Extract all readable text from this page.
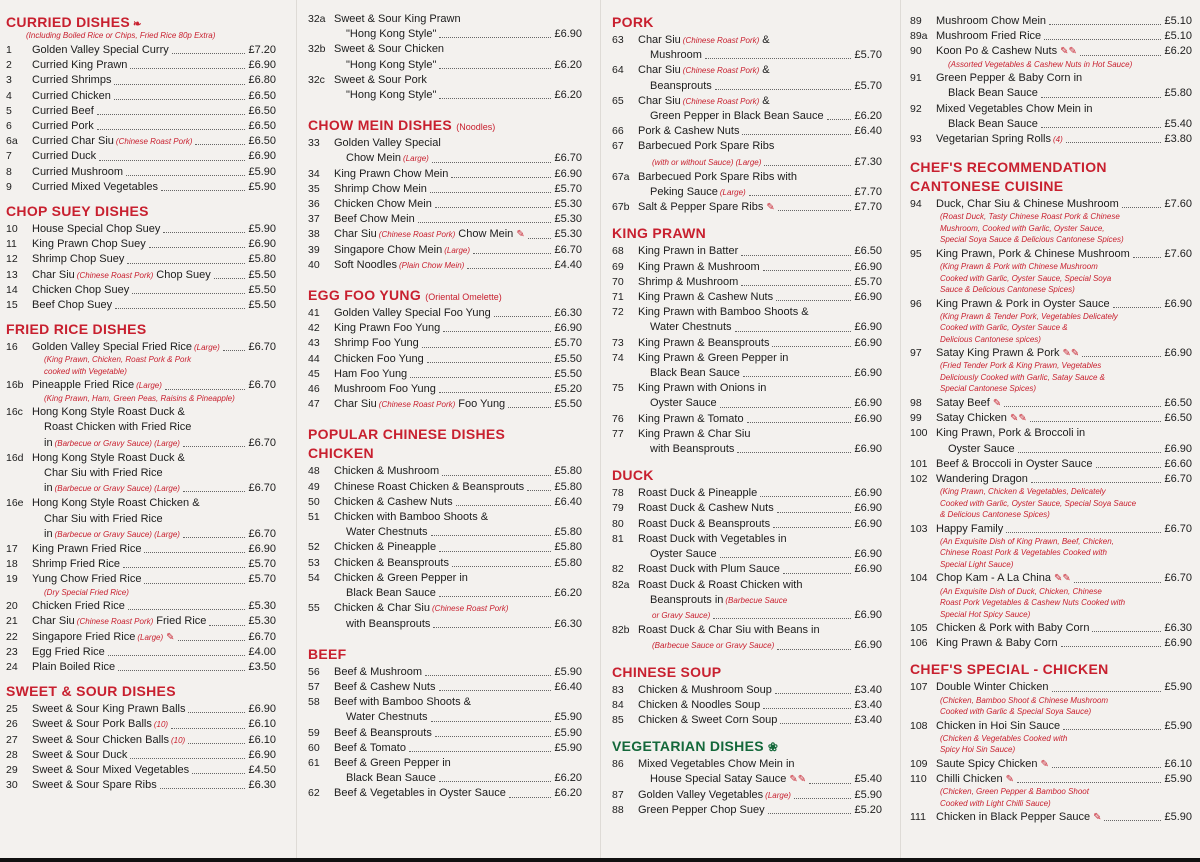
CURRIED DISHES ❧
(Including Boiled Rice or Chips, Fried Rice 80p Extra)
1	Golden Valley Special Curry	£7.20
2	Curried King Prawn	£6.90
3	Curried Shrimps	£6.80
4	Curried Chicken	£6.50
5	Curried Beef	£6.50
6	Curried Pork	£6.50
6a	Curried Char Siu (Chinese Roast Pork)	£6.50
7	Curried Duck	£6.90
8	Curried Mushroom	£5.90
9	Curried Mixed Vegetables	£5.90
CHOP SUEY DISHES
10	House Special Chop Suey	£5.90
11	King Prawn Chop Suey	£6.90
12	Shrimp Chop Suey	£5.80
13	Char Siu (Chinese Roast Pork) Chop Suey	£5.50
14	Chicken Chop Suey	£5.50
15	Beef Chop Suey	£5.50
FRIED RICE DISHES
16	Golden Valley Special Fried Rice (Large)	£6.70
(King Prawn, Chicken, Roast Pork & Pork
cooked with Vegetable)
16b Pineapple Fried Rice (Large)	£6.70
(King Prawn, Ham, Green Peas, Raisins & Pineapple)
16c Hong Kong Style Roast Duck &
Roast Chicken with Fried Rice
in (Barbecue or Gravy Sauce) (Large)	£6.70
16d Hong Kong Style Roast Duck &
Char Siu with Fried Rice
in (Barbecue or Gravy Sauce) (Large)	£6.70
16e Hong Kong Style Roast Chicken &
Char Siu with Fried Rice
in (Barbecue or Gravy Sauce) (Large)	£6.70
17	King Prawn Fried Rice	£6.90
18	Shrimp Fried Rice	£5.70
19	Yung Chow Fried Rice	£5.70
(Dry Special Fried Rice)
20	Chicken Fried Rice	£5.30
21	Char Siu (Chinese Roast Pork) Fried Rice	£5.30
22	Singapore Fried Rice (Large) ✎	£6.70
23	Egg Fried Rice	£4.00
24	Plain Boiled Rice	£3.50
SWEET & SOUR DISHES
25	Sweet & Sour King Prawn Balls	£6.90
26	Sweet & Sour Pork Balls (10)	£6.10
27	Sweet & Sour Chicken Balls (10)	£6.10
28	Sweet & Sour Duck	£6.90
29	Sweet & Sour Mixed Vegetables	£4.50
30	Sweet & Sour Spare Ribs	£6.30
32a Sweet & Sour King Prawn
"Hong Kong Style"	£6.90
32b Sweet & Sour Chicken
"Hong Kong Style"	£6.20
32c Sweet & Sour Pork
"Hong Kong Style"	£6.20
CHOW MEIN DISHES (Noodles)
33	Golden Valley Special
Chow Mein (Large)	£6.70
34	King Prawn Chow Mein	£6.90
35	Shrimp Chow Mein	£5.70
36	Chicken Chow Mein	£5.30
37	Beef Chow Mein	£5.30
38	Char Siu (Chinese Roast Pork) Chow Mein ✎	£5.30
39	Singapore Chow Mein (Large)	£6.70
40	Soft Noodles (Plain Chow Mein)	£4.40
EGG FOO YUNG (Oriental Omelette)
41	Golden Valley Special Foo Yung	£6.30
42	King Prawn Foo Yung	£6.90
43	Shrimp Foo Yung	£5.70
44	Chicken Foo Yung	£5.50
45	Ham Foo Yung	£5.50
46	Mushroom Foo Yung	£5.20
47	Char Siu (Chinese Roast Pork) Foo Yung	£5.50
POPULAR CHINESE DISHES
CHICKEN
48	Chicken & Mushroom	£5.80
49	Chinese Roast Chicken & Beansprouts	£5.80
50	Chicken & Cashew Nuts	£6.40
51	Chicken with Bamboo Shoots &
Water Chestnuts	£5.80
52	Chicken & Pineapple	£5.80
53	Chicken & Beansprouts	£5.80
54	Chicken & Green Pepper in
Black Bean Sauce	£6.20
55	Chicken & Char Siu (Chinese Roast Pork)
with Beansprouts	£6.30
BEEF
56	Beef & Mushroom	£5.90
57	Beef & Cashew Nuts	£6.40
58	Beef with Bamboo Shoots &
Water Chestnuts	£5.90
59	Beef & Beansprouts	£5.90
60	Beef & Tomato	£5.90
61	Beef & Green Pepper in
Black Bean Sauce	£6.20
62	Beef & Vegetables in Oyster Sauce	£6.20
PORK
63	Char Siu (Chinese Roast Pork) &
Mushroom	£5.70
64	Char Siu (Chinese Roast Pork) &
Beansprouts	£5.70
65	Char Siu (Chinese Roast Pork) &
Green Pepper in Black Bean Sauce	£6.20
66	Pork & Cashew Nuts	£6.40
67	Barbecued Pork Spare Ribs
(with or without Sauce) (Large)	£7.30
67a Barbecued Pork Spare Ribs with
Peking Sauce (Large)	£7.70
67b Salt & Pepper Spare Ribs ✎	£7.70
KING PRAWN
68	King Prawn in Batter	£6.50
69	King Prawn & Mushroom	£6.90
70	Shrimp & Mushroom	£5.70
71	King Prawn & Cashew Nuts	£6.90
72	King Prawn with Bamboo Shoots &
Water Chestnuts	£6.90
73	King Prawn & Beansprouts	£6.90
74	King Prawn & Green Pepper in
Black Bean Sauce	£6.90
75	King Prawn with Onions in
Oyster Sauce	£6.90
76	King Prawn & Tomato	£6.90
77	King Prawn & Char Siu
with Beansprouts	£6.90
DUCK
78	Roast Duck & Pineapple	£6.90
79	Roast Duck & Cashew Nuts	£6.90
80	Roast Duck & Beansprouts	£6.90
81	Roast Duck with Vegetables in
Oyster Sauce	£6.90
82	Roast Duck with Plum Sauce	£6.90
82a Roast Duck & Roast Chicken with
Beansprouts in (Barbecue Sauce
or Gravy Sauce)	£6.90
82b Roast Duck & Char Siu with Beans in
(Barbecue Sauce or Gravy Sauce)	£6.90
CHINESE SOUP
83	Chicken & Mushroom Soup	£3.40
84	Chicken & Noodles Soup	£3.40
85	Chicken & Sweet Corn Soup	£3.40
VEGETARIAN DISHES ❀
86	Mixed Vegetables Chow Mein in
House Special Satay Sauce ✎✎	£5.40
87	Golden Valley Vegetables (Large)	£5.90
88	Green Pepper Chop Suey	£5.20
89	Mushroom Chow Mein	£5.10
89a Mushroom Fried Rice	£5.10
90	Koon Po & Cashew Nuts ✎✎	£6.20
(Assorted Vegetables & Cashew Nuts in Hot Sauce)
91	Green Pepper & Baby Corn in
Black Bean Sauce	£5.80
92	Mixed Vegetables Chow Mein in
Black Bean Sauce	£5.40
93	Vegetarian Spring Rolls (4)	£3.80
CHEF'S RECOMMENDATION
CANTONESE CUISINE
94	Duck, Char Siu & Chinese Mushroom	£7.60
(Roast Duck, Tasty Chinese Roast Pork & Chinese
Mushroom, Cooked with Garlic, Oyster Sauce,
Special Soya Sauce & Delicious Cantonese Spices)
95	King Prawn, Pork & Chinese Mushroom	£7.60
(King Prawn & Pork with Chinese Mushroom
Cooked with Garlic, Oyster Sauce, Special Soya
Sauce & Delicious Cantonese Spices)
96	King Prawn & Pork in Oyster Sauce	£6.90
(King Prawn & Tender Pork, Vegetables Delicately
Cooked with Garlic, Oyster Sauce &
Delicious Cantonese spices)
97	Satay King Prawn & Pork ✎✎	£6.90
(Fried Tender Pork & King Prawn, Vegetables
Deliciously Cooked with Garlic, Satay Sauce &
Special Cantonese Spices)
98	Satay Beef ✎	£6.50
99	Satay Chicken ✎✎	£6.50
100 King Prawn, Pork & Broccoli in
Oyster Sauce	£6.90
101 Beef & Broccoli in Oyster Sauce	£6.60
102 Wandering Dragon	£6.70
(King Prawn, Chicken & Vegetables, Delicately
Cooked with Garlic, Oyster Sauce, Special Soya Sauce
& Delicious Cantonese Spices)
103 Happy Family	£6.70
(An Exquisite Dish of King Prawn, Beef, Chicken,
Chinese Roast Pork & Vegetables Cooked with
Special Light Sauce)
104 Chop Kam - A La China ✎✎	£6.70
(An Exquisite Dish of Duck, Chicken, Chinese
Roast Pork Vegetables & Cashew Nuts Cooked with
Special Hot Spicy Sauce)
105 Chicken & Pork with Baby Corn	£6.30
106 King Prawn & Baby Corn	£6.90
CHEF'S SPECIAL - CHICKEN
107 Double Winter Chicken	£5.90
(Chicken, Bamboo Shoot & Chinese Mushroom
Cooked with Garlic & Special Soya Sauce)
108 Chicken in Hoi Sin Sauce	£5.90
(Chicken & Vegetables Cooked with
Spicy Hoi Sin Sauce)
109 Saute Spicy Chicken ✎	£6.10
110 Chilli Chicken ✎	£5.90
(Chicken, Green Pepper & Bamboo Shoot
Cooked with Light Chilli Sauce)
111 Chicken in Black Pepper Sauce ✎	£5.90
